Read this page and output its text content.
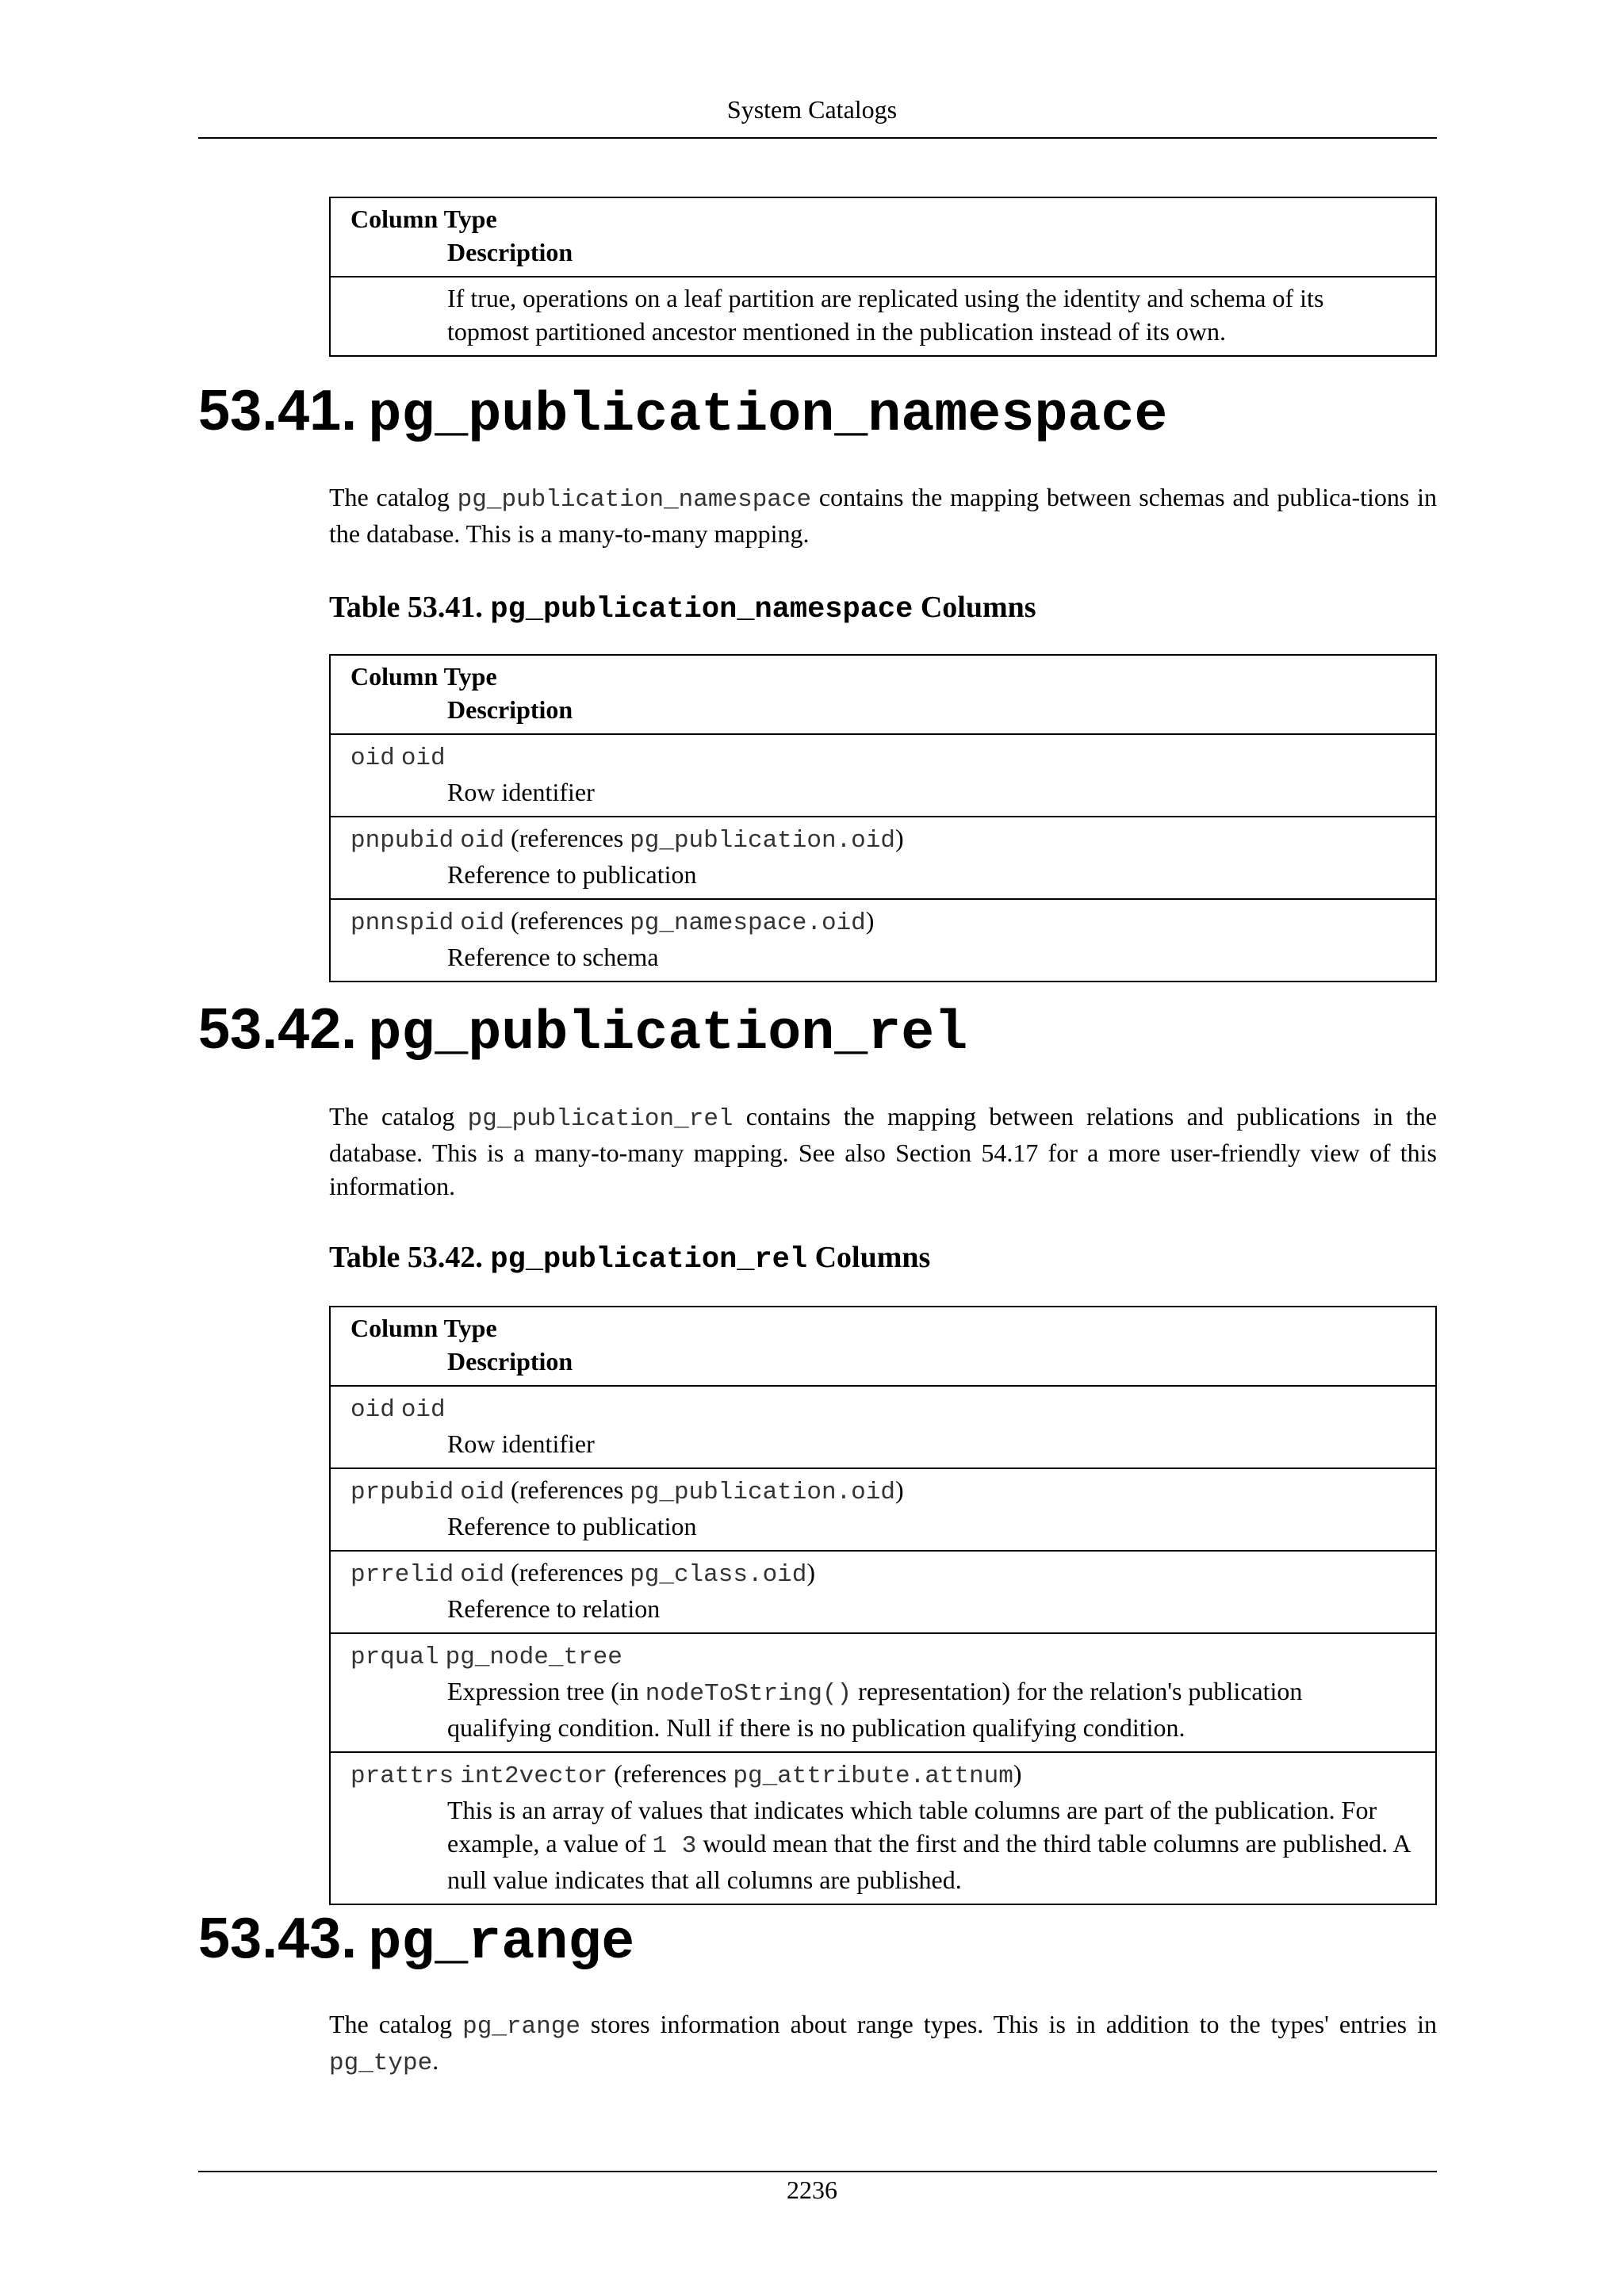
System Catalogs
Column Type
Description
If true, operations on a leaf partition are replicated using the identity and schema of its topmost partitioned ancestor mentioned in the publication instead of its own.
53.41. pg_publication_namespace
The catalog pg_publication_namespace contains the mapping between schemas and publica-tions in the database. This is a many-to-many mapping.
Table 53.41. pg_publication_namespace Columns
Column Type
Description
oid oid
Row identifier
pnpubid oid (references pg_publication.oid)
Reference to publication
pnnspid oid (references pg_namespace.oid)
Reference to schema
53.42. pg_publication_rel
The catalog pg_publication_rel contains the mapping between relations and publications in the database. This is a many-to-many mapping. See also Section 54.17 for a more user-friendly view of this information.
Table 53.42. pg_publication_rel Columns
Column Type
Description
oid oid
Row identifier
prpubid oid (references pg_publication.oid)
Reference to publication
prrelid oid (references pg_class.oid)
Reference to relation
prqual pg_node_tree
Expression tree (in nodeToString() representation) for the relation's publication qualifying condition. Null if there is no publication qualifying condition.
prattrs int2vector (references pg_attribute.attnum)
This is an array of values that indicates which table columns are part of the publication. For example, a value of 1 3 would mean that the first and the third table columns are published. A null value indicates that all columns are published.
53.43. pg_range
The catalog pg_range stores information about range types. This is in addition to the types' entries in pg_type.
2236
